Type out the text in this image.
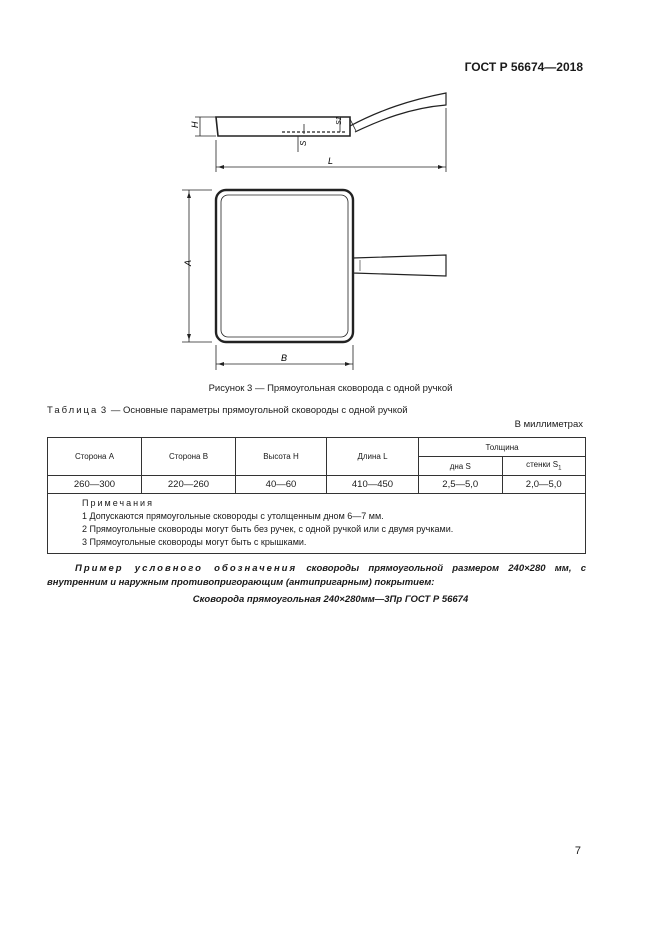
ГОСТ Р 56674—2018
H
S
S1
L
A
B
Рисунок 3 — Прямоугольная сковорода с одной ручкой
Таблица 3 — Основные параметры прямоугольной сковороды с одной ручкой
В миллиметрах
Сторона A	Сторона B	Высота H	Длина L	Толщина	
				дна S	стенки $S_1$
260—300	220—260	40—60	410—450	2,5—5,0	2,0—5,0

Примечания
1 Допускаются прямоугольные сковороды с утолщенным дном 6—7 мм.
2 Прямоугольные сковороды могут быть без ручек, с одной ручкой или с двумя ручками.
3 Прямоугольные сковороды могут быть с крышками.					
Пример условного обозначения сковороды прямоугольной размером 240×280 мм, с внутренним и наружным противопригорающим (антипригарным) покрытием:
Сковорода прямоугольная 240×280мм—3Пр ГОСТ Р 56674
7
